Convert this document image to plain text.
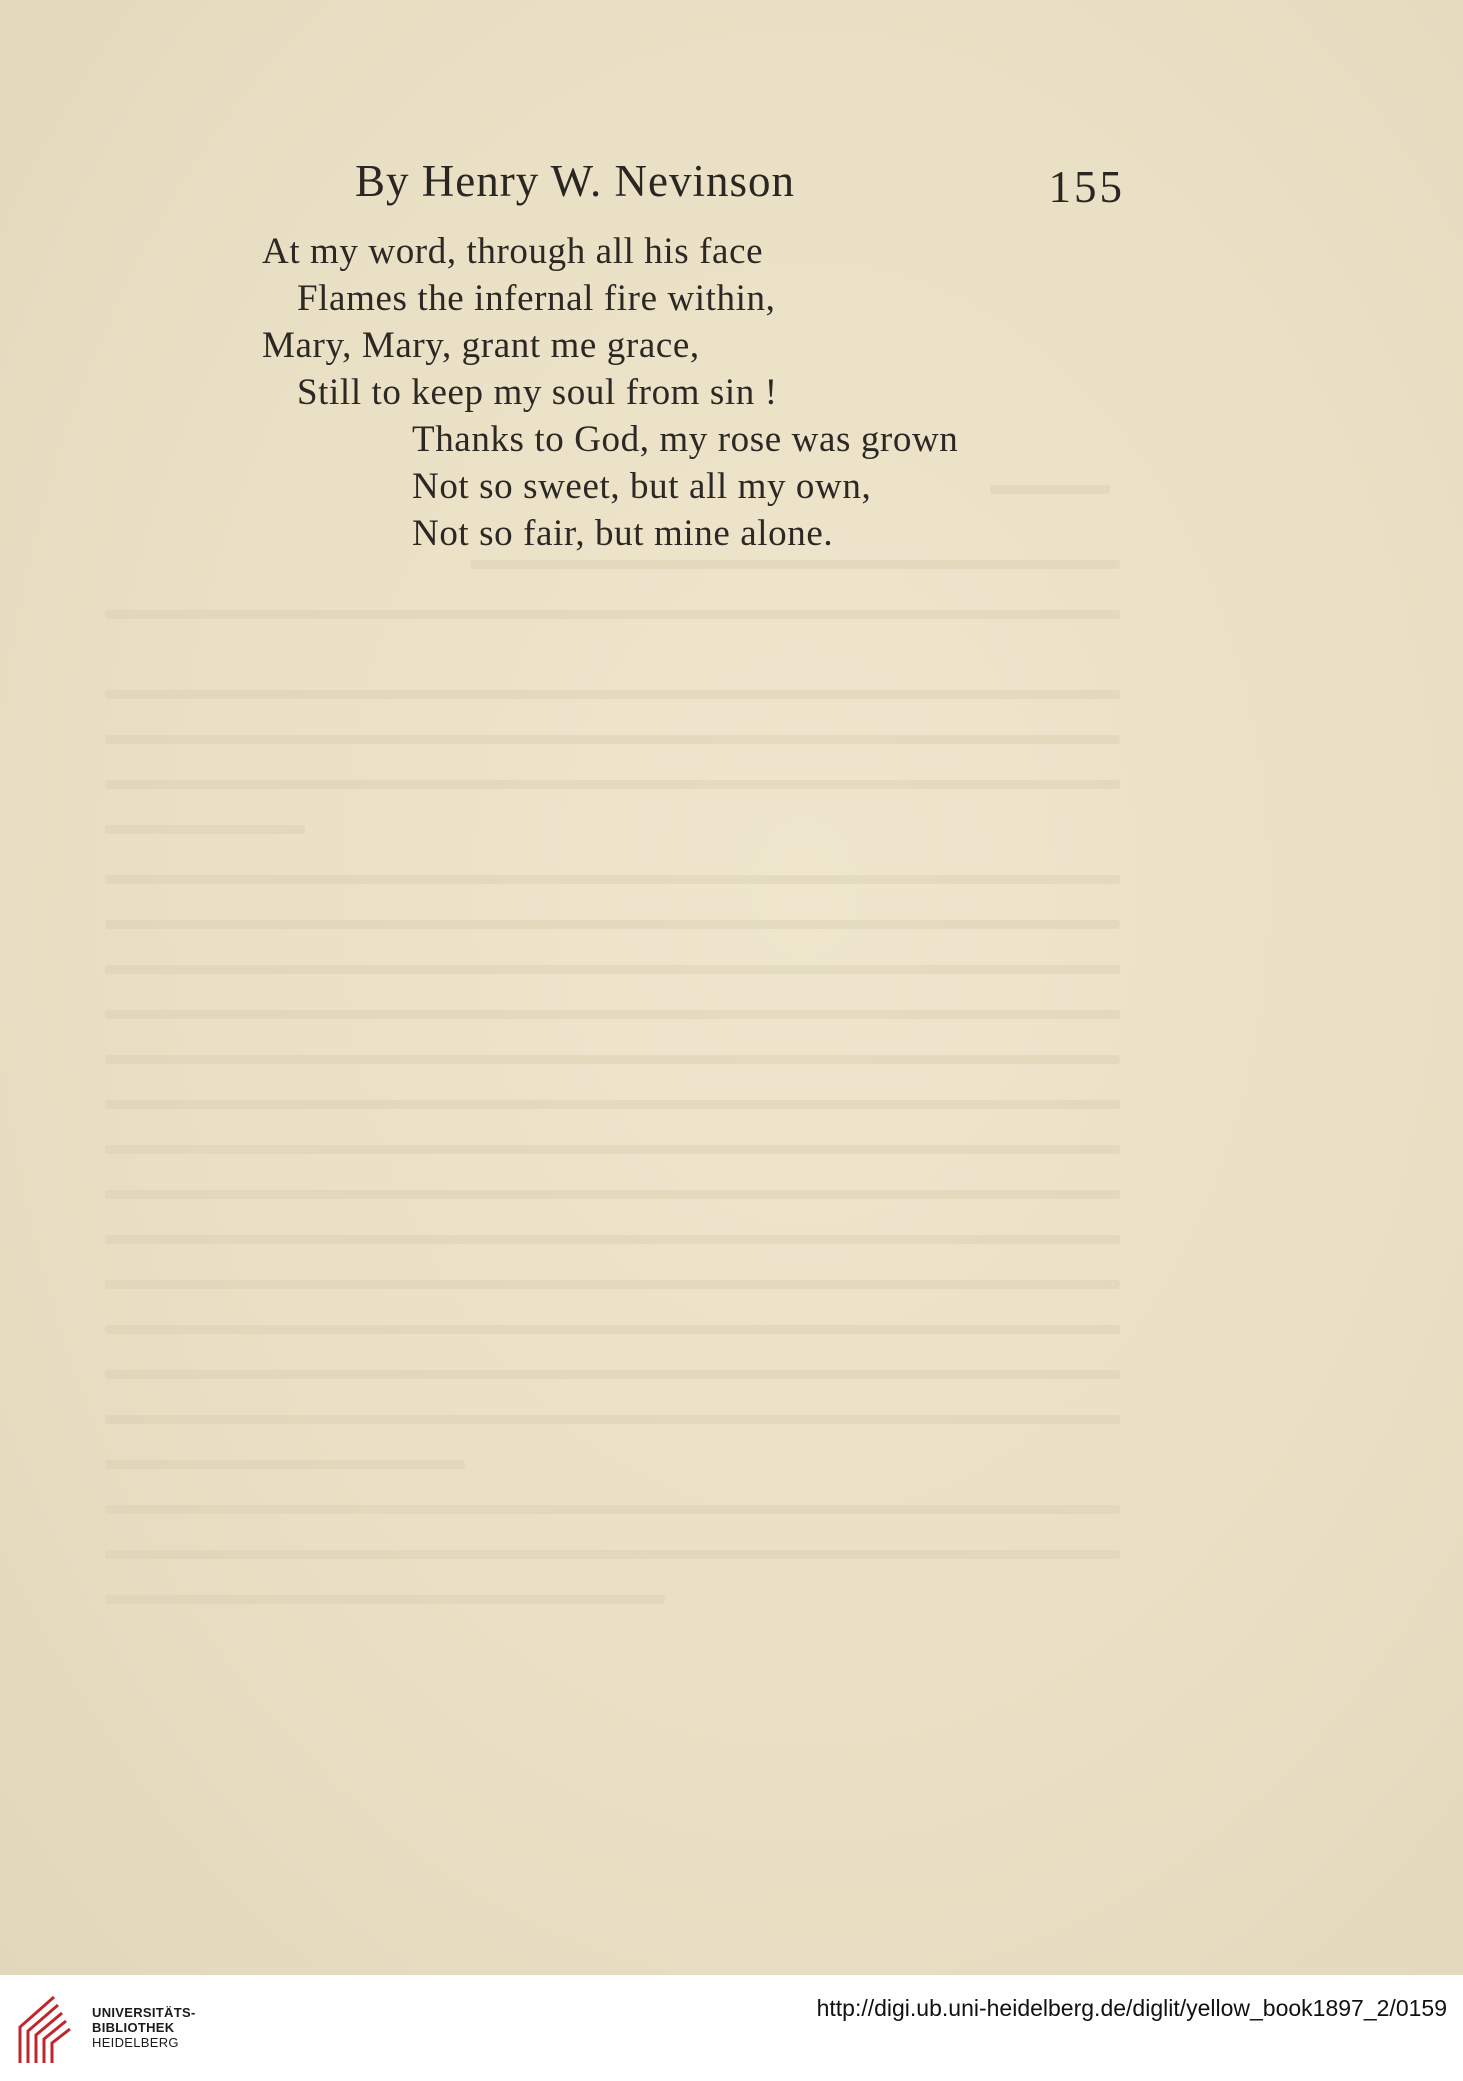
By Henry W. Nevinson	155
At my word, through all his face
Flames the infernal fire within,
Mary, Mary, grant me grace,
Still to keep my soul from sin !
Thanks to God, my rose was grown
Not so sweet, but all my own,
Not so fair, but mine alone.
UNIVERSITÄTS-
BIBLIOTHEK
HEIDELBERG
http://digi.ub.uni-heidelberg.de/diglit/yellow_book1897_2/0159
